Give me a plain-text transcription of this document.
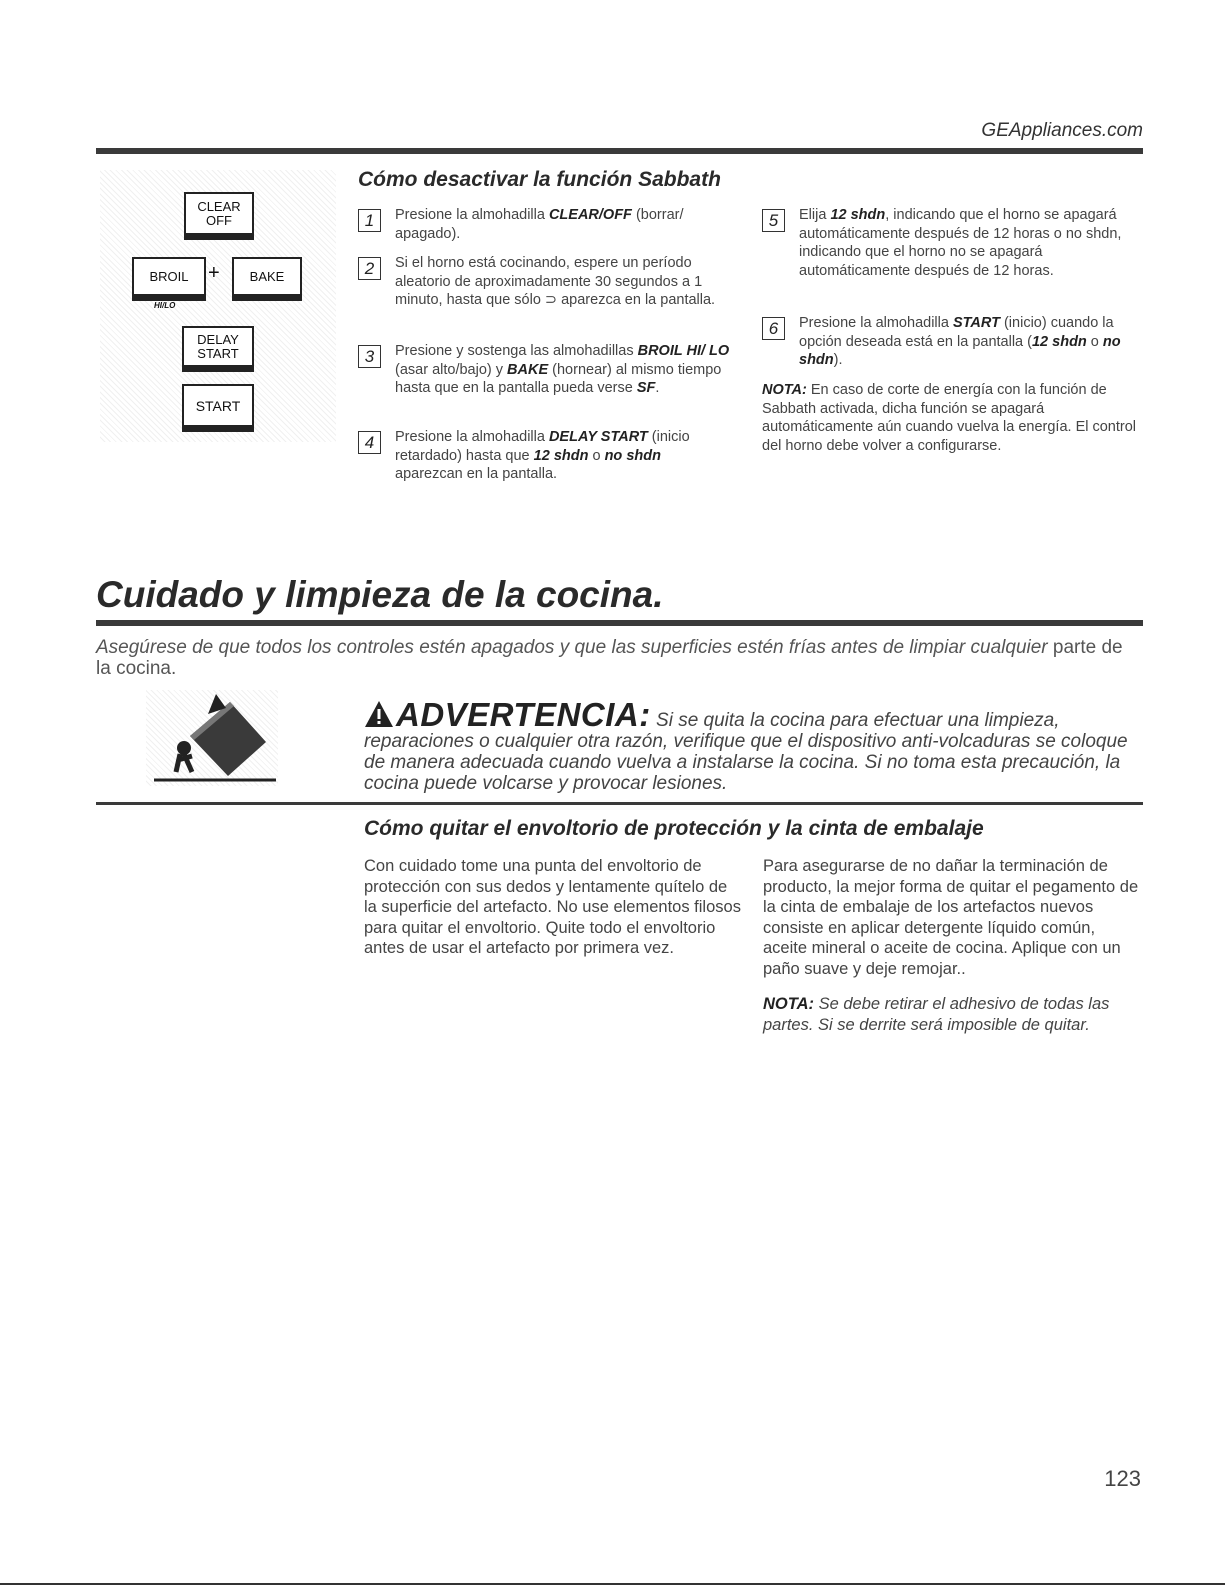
GEAppliances.com
CLEAR
OFF
BROIL +
HI/LO
BAKE
DELAY
START
START
Cómo desactivar la función Sabbath
1	Presione la almohadilla CLEAR/OFF (borrar/ apagado).
2	Si el horno está cocinando, espere un período aleatorio de aproximadamente 30 segundos a 1 minuto, hasta que sólo ⊃ aparezca en la pantalla.
3	Presione y sostenga las almohadillas BROIL HI/ LO (asar alto/bajo) y BAKE (hornear) al mismo tiempo hasta que en la pantalla pueda verse SF.
4	Presione la almohadilla DELAY START (inicio retardado) hasta que 12 shdn o no shdn aparezcan en la pantalla.
5	Elija 12 shdn, indicando que el horno se apagará automáticamente después de 12 horas o no shdn, indicando que el horno no se apagará automáticamente después de 12 horas.
6	Presione la almohadilla START (inicio) cuando la opción deseada está en la pantalla (12 shdn o no shdn).
NOTA: En caso de corte de energía con la función de Sabbath activada, dicha función se apagará automáticamente aún cuando vuelva la energía. El control del horno debe volver a configurarse.
Cuidado y limpieza de la cocina.
Asegúrese de que todos los controles estén apagados y que las superficies estén frías antes de limpiar cualquier parte de la cocina.
ADVERTENCIA: Si se quita la cocina para efectuar una limpieza, reparaciones o cualquier otra razón, verifique que el dispositivo anti-volcaduras se coloque de manera adecuada cuando vuelva a instalarse la cocina. Si no toma esta precaución, la cocina puede volcarse y provocar lesiones.
Cómo quitar el envoltorio de protección y la cinta de embalaje
Con cuidado tome una punta del envoltorio de protección con sus dedos y lentamente quítelo de la superficie del artefacto. No use elementos filosos para quitar el envoltorio. Quite todo el envoltorio antes de usar el artefacto por primera vez.
Para asegurarse de no dañar la terminación de producto, la mejor forma de quitar el pegamento de la cinta de embalaje de los artefactos nuevos consiste en aplicar detergente líquido común, aceite mineral o aceite de cocina. Aplique con un paño suave y deje remojar..
NOTA: Se debe retirar el adhesivo de todas las partes. Si se derrite será imposible de quitar.
123
